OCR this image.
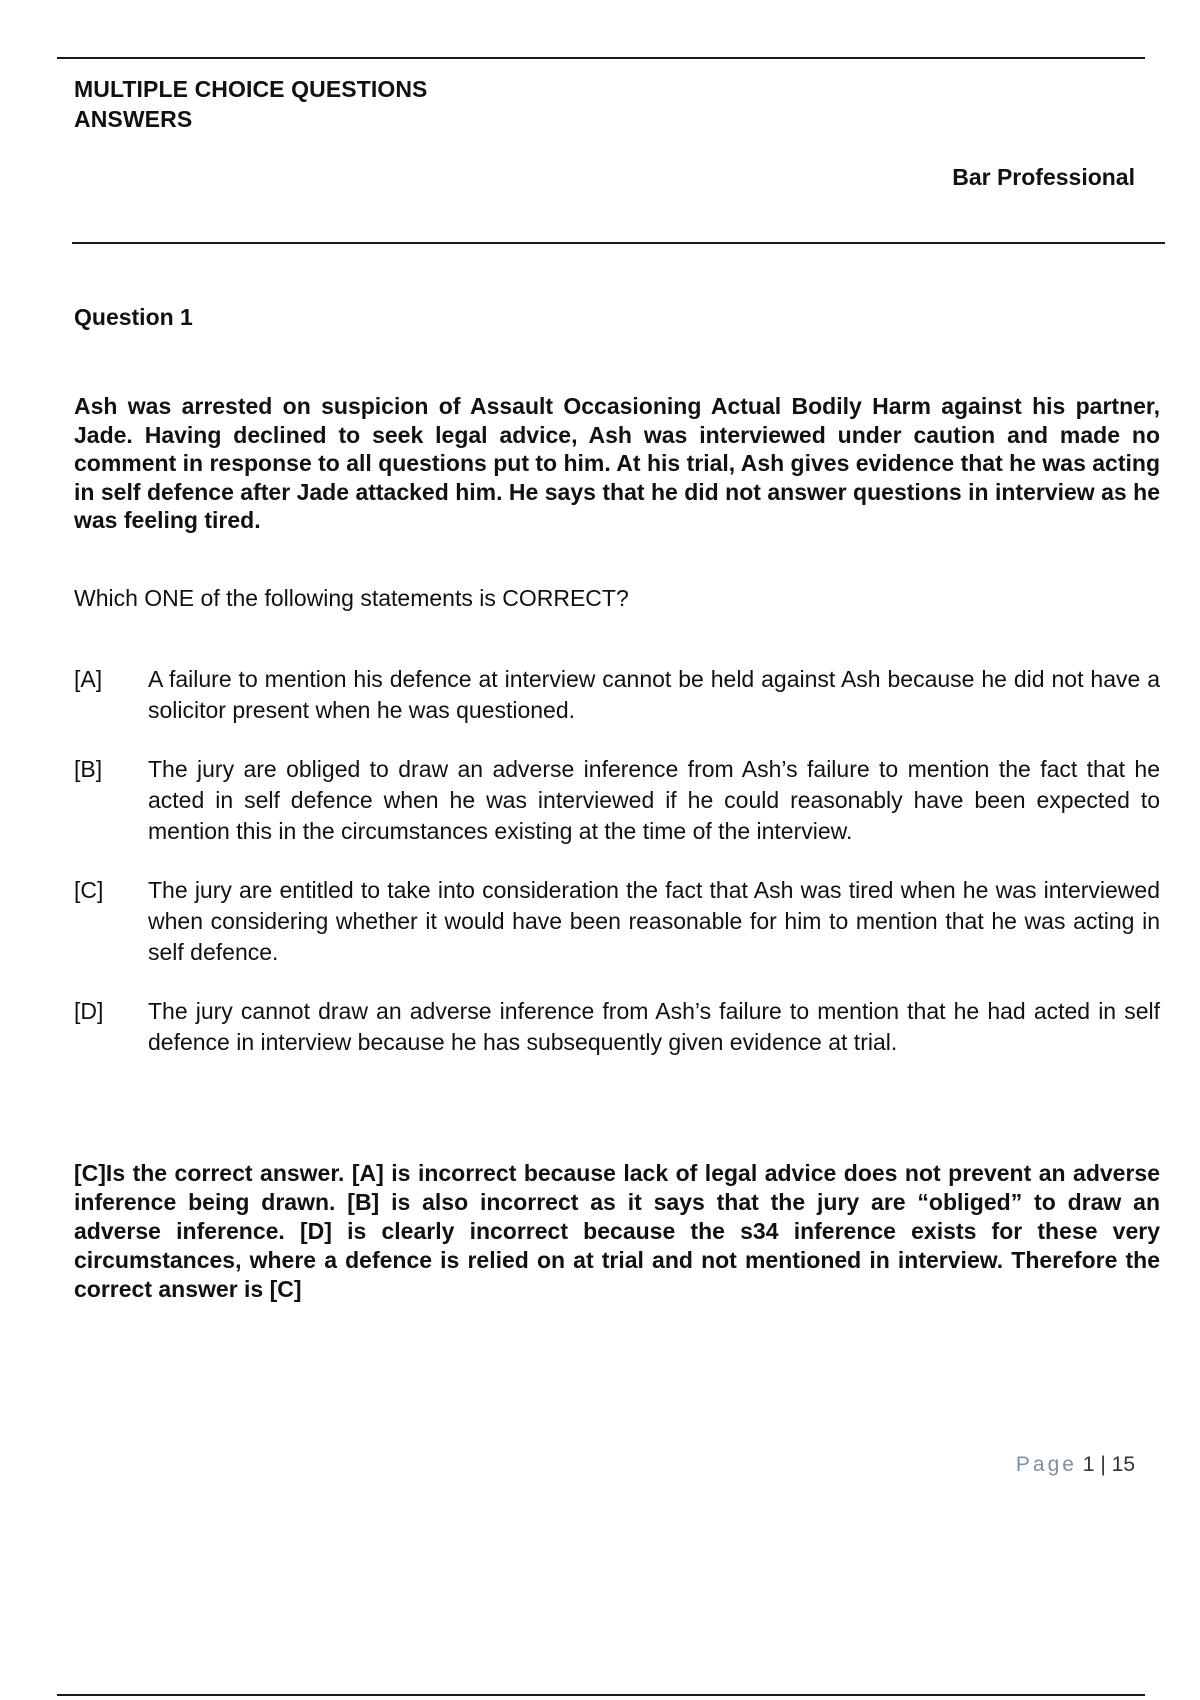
MULTIPLE CHOICE QUESTIONS
ANSWERS
Bar Professional
Question 1

Ash was arrested on suspicion of Assault Occasioning Actual Bodily Harm against his partner, Jade. Having declined to seek legal advice, Ash was interviewed under caution and made no comment in response to all questions put to him. At his trial, Ash gives evidence that he was acting in self defence after Jade attacked him. He says that he did not answer questions in interview as he was feeling tired.

Which ONE of the following statements is CORRECT?
[A]	A failure to mention his defence at interview cannot be held against Ash because he did not have a solicitor present when he was questioned.
[B]	The jury are obliged to draw an adverse inference from Ash’s failure to mention the fact that he acted in self defence when he was interviewed if he could reasonably have been expected to mention this in the circumstances existing at the time of the interview.
[C]	The jury are entitled to take into consideration the fact that Ash was tired when he was interviewed when considering whether it would have been reasonable for him to mention that he was acting in self defence.
[D]	The jury cannot draw an adverse inference from Ash’s failure to mention that he had acted in self defence in interview because he has subsequently given evidence at trial.

[C]Is the correct answer. [A] is incorrect because lack of legal advice does not prevent an adverse inference being drawn. [B] is also incorrect as it says that the jury are “obliged” to draw an adverse inference. [D] is clearly incorrect because the s34 inference exists for these very circumstances, where a defence is relied on at trial and not mentioned in interview. Therefore the correct answer is [C]

Page 1 | 15
